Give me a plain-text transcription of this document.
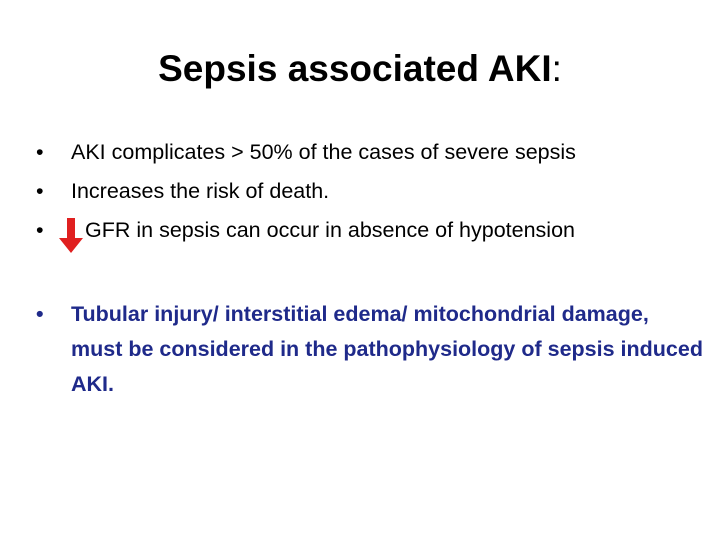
Sepsis associated AKI:
• AKI complicates > 50% of the cases of severe sepsis
• Increases the risk of death.
• GFR in sepsis can occur in absence of hypotension
• Tubular injury/ interstitial edema/ mitochondrial damage, must be considered in the pathophysiology of sepsis induced AKI.
